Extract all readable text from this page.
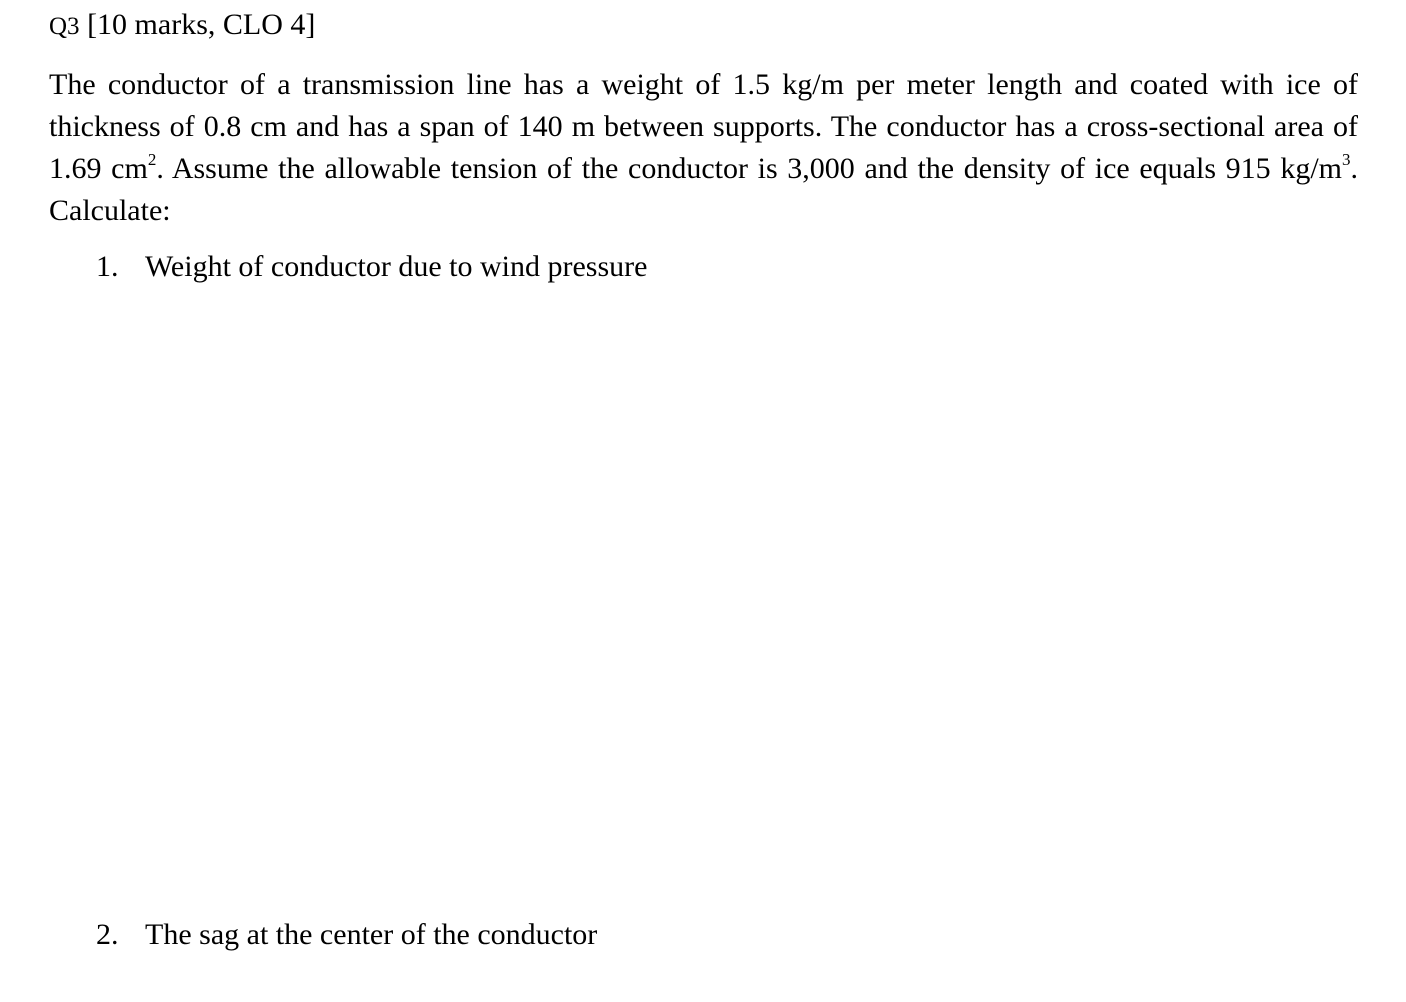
Q3 [10 marks, CLO 4]

The conductor of a transmission line has a weight of 1.5 kg/m per meter length and coated with ice of thickness of 0.8 cm and has a span of 140 m between supports. The conductor has a cross-sectional area of 1.69 $cm^2$. Assume the allowable tension of the conductor is 3,000 and the density of ice equals 915 $kg/m^3$. Calculate:

1. Weight of conductor due to wind pressure
2. The sag at the center of the conductor
